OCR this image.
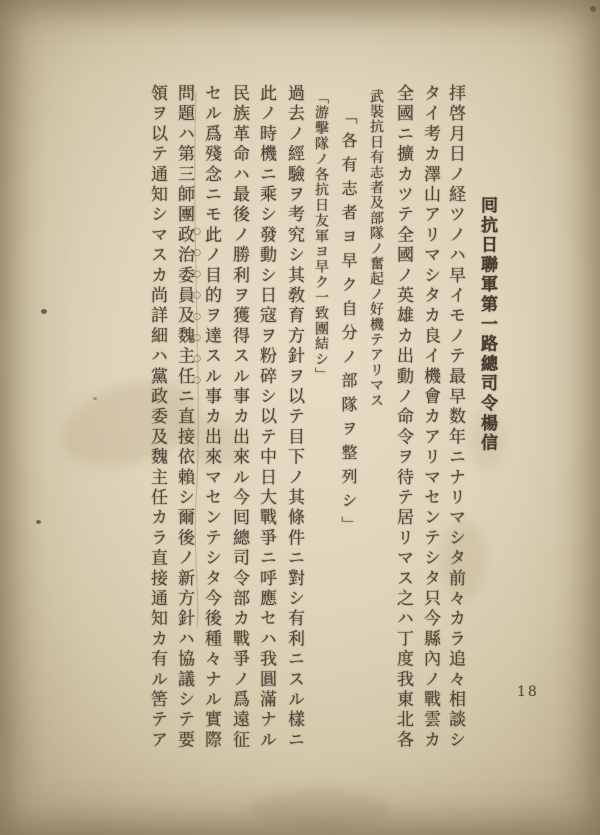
囘抗日聯軍第一路總司令楊信
拝啓月日ノ経ツノハ早イモノテ最早数年ニナリマシタ前々カラ追々相談シ
タイ考カ澤山アリマシタカ良イ機會カアリマセンテシタ只今縣內ノ戰雲カ
全國ニ擴カツテ全國ノ英雄カ出動ノ命令ヲ待テ居リマス之ハ丁度我東北各
武裝抗日有志者及部隊ノ奮起ノ好機テアリマス
「各有志者ヨ早ク自分ノ部隊ヲ整列シ」
「游擊隊ノ各抗日友軍ヨ早ク一致團結シ」
過去ノ經驗ヲ考究シ其敎育方針ヲ以テ目下ノ其條件ニ對シ有利ニスル樣ニ
此ノ時機ニ乘シ發動シ日寇ヲ粉碎シ以テ中日大戰爭ニ呼應セハ我圓滿ナル
民族革命ハ最後ノ勝利ヲ獲得スル事カ出來ル今囘總司令部カ戰爭ノ爲遠征
セル爲殘念ニモ此ノ目的ヲ達スル事カ出來マセンテシタ今後種々ナル實際
問題ハ第三師團政治委員及魏主任ニ直接依賴シ爾後ノ新方針ハ協議シテ要
領ヲ以テ通知シマスカ尚詳細ハ黨政委及魏主任カラ直接通知カ有ル筈テア	○○○○○○○○
18
